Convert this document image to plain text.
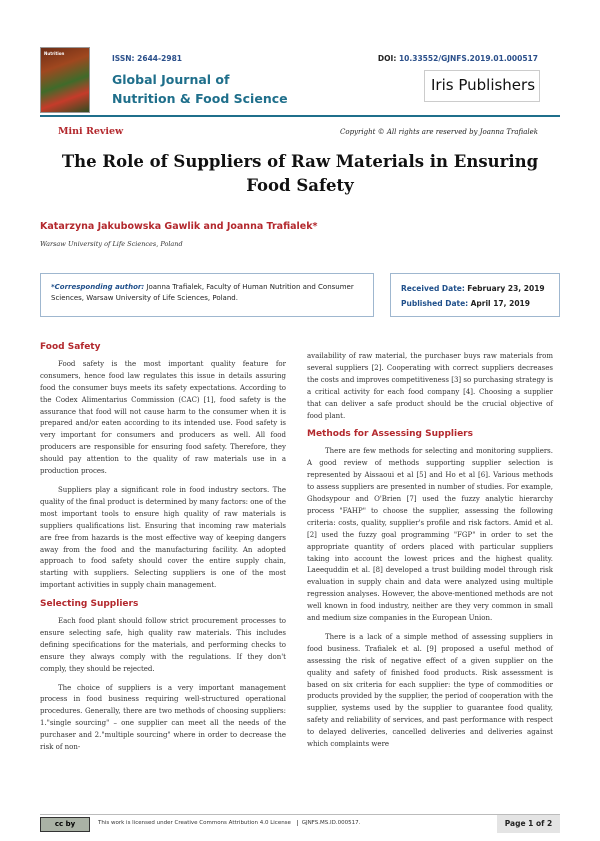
Nutrition
ISSN: 2644-2981
Global Journal of
Nutrition & Food Science
DOI: 10.33552/GJNFS.2019.01.000517
Iris Publishers
Mini Review	Copyright © All rights are reserved by Joanna Trafialek
The Role of Suppliers of Raw Materials in Ensuring Food Safety
Katarzyna Jakubowska Gawlik and Joanna Trafialek*
Warsaw University of Life Sciences, Poland
*Corresponding author: Joanna Trafialek, Faculty of Human Nutrition and Consumer Sciences, Warsaw University of Life Sciences, Poland.
Received Date: February 23, 2019
Published Date: April 17, 2019
Food Safety

Food safety is the most important quality feature for consumers, hence food law regulates this issue in details assuring food the consumer buys meets its safety expectations. According to the Codex Alimentarius Commission (CAC) [1], food safety is the assurance that food will not cause harm to the consumer when it is prepared and/or eaten according to its intended use. Food safety is very important for consumers and producers as well. All food producers are responsible for ensuring food safety. Therefore, they should pay attention to the quality of raw materials use in a production proces.

Suppliers play a significant role in food industry sectors. The quality of the final product is determined by many factors: one of the most important tools to ensure high quality of raw materials is suppliers qualifications list. Ensuring that incoming raw materials are free from hazards is the most effective way of keeping dangers away from the food and the manufacturing facility. An adopted approach to food safety should cover the entire supply chain, starting with suppliers. Selecting suppliers is one of the most important activities in supply chain management.

Selecting Suppliers

Each food plant should follow strict procurement processes to ensure selecting safe, high quality raw materials. This includes defining specifications for the materials, and performing checks to ensure they always comply with the regulations. If they don't comply, they should be rejected.

The choice of suppliers is a very important management process in food business requiring well-structured operational procedures. Generally, there are two methods of choosing suppliers: 1."single sourcing" – one supplier can meet all the needs of the purchaser and 2."multiple sourcing" where in order to decrease the risk of non-

availability of raw material, the purchaser buys raw materials from several suppliers [2]. Cooperating with correct suppliers decreases the costs and improves competitiveness [3] so purchasing strategy is a critical activity for each food company [4]. Choosing a supplier that can deliver a safe product should be the crucial objective of food plant.

Methods for Assessing Suppliers

There are few methods for selecting and monitoring suppliers. A good review of methods supporting supplier selection is represented by Aissaoui et al [5] and Ho et al [6]. Various methods to assess suppliers are presented in number of studies. For example, Ghodsypour and O'Brien [7] used the fuzzy analytic hierarchy process "FAHP" to choose the supplier, assessing the following criteria: costs, quality, supplier's profile and risk factors. Amid et al. [2] used the fuzzy goal programming "FGP" in order to set the appropriate quantity of orders placed with particular suppliers taking into account the lowest prices and the highest quality. Laeequddin et al. [8] developed a trust building model through risk evaluation in supply chain and data were analyzed using multiple regression analyses. However, the above-mentioned methods are not well known in food industry, neither are they very common in small and medium size companies in the European Union.

There is a lack of a simple method of assessing suppliers in food business. Trafialek et al. [9] proposed a useful method of assessing the risk of negative effect of a given supplier on the quality and safety of finished food products. Risk assessment is based on six criteria for each supplier: the type of commodities or products provided by the supplier, the period of cooperation with the supplier, systems used by the supplier to guarantee food quality, safety and reliability of services, and past performance with respect to delayed deliveries, cancelled deliveries and deliveries against which complaints were

cc by	This work is licensed under Creative Commons Attribution 4.0 License GJNFS.MS.ID.000517.	Page 1 of 2
